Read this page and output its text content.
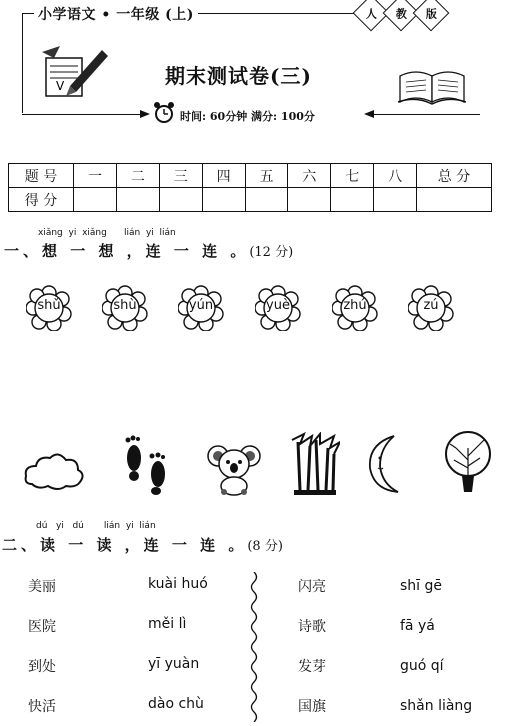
小学语文 • 一年级 (上)	人 教 版
V	期末测试卷(三)
时间: 60分钟 满分: 100分
题 号	一	二	三	四	五	六	七	八	总 分
得 分									
xiǎng yi xiǎng lián yi lián
一、想 一 想 ，连 一 连 。(12 分)
shǔ	shù	yún	yuè	zhú	zú
dú yi dú lián yi lián
二、读 一 读 ，连 一 连 。(8 分)
美丽
医院
到处
快活
kuài huó
měi lì
yī yuàn
dào chù
闪亮
诗歌
发芽
国旗
shī gē
fā yá
guó qí
shǎn liàng
